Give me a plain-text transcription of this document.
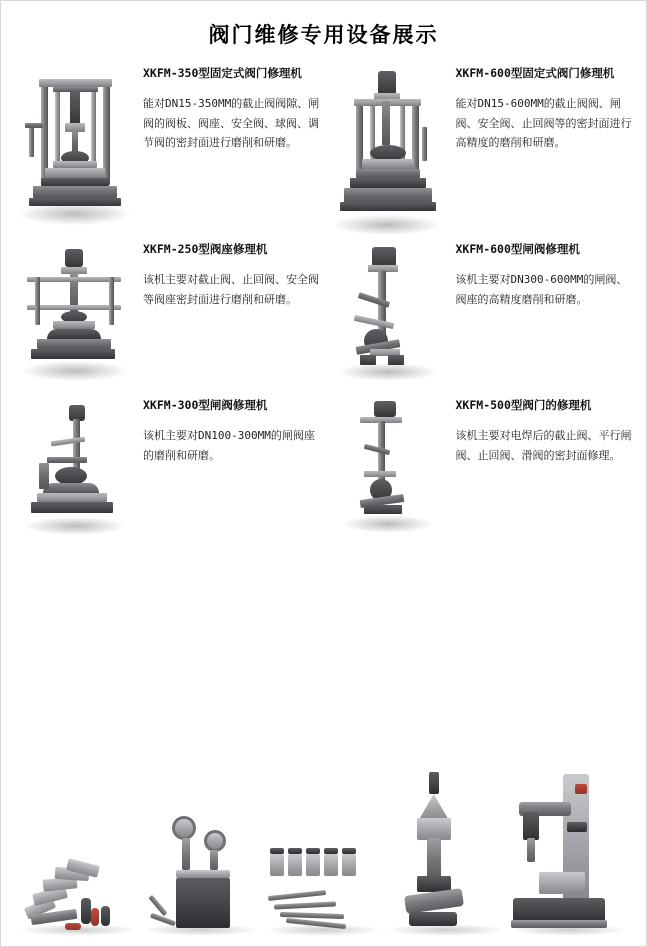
阀门维修专用设备展示
XKFM-350型固定式阀门修理机
能对DN15-350MM的截止阀阀隙、闸阀的阀板、阀座、安全阀、球阀、调节阀的密封面进行磨削和研磨。
XKFM-600型固定式阀门修理机
能对DN15-600MM的截止阀阀、闸阀、安全阀、止回阀等的密封面进行高精度的磨削和研磨。
XKFM-250型阀座修理机
该机主要对截止阀、止回阀、安全阀等阀座密封面进行磨削和研磨。
XKFM-600型闸阀修理机
该机主要对DN300-600MM的闸阀、阀座的高精度磨削和研磨。
XKFM-300型闸阀修理机
该机主要对DN100-300MM的闸阀座的磨削和研磨。
XKFM-500型阀门的修理机
该机主要对电焊后的截止阀、平行闸阀、止回阀、滑阀的密封面修理。
